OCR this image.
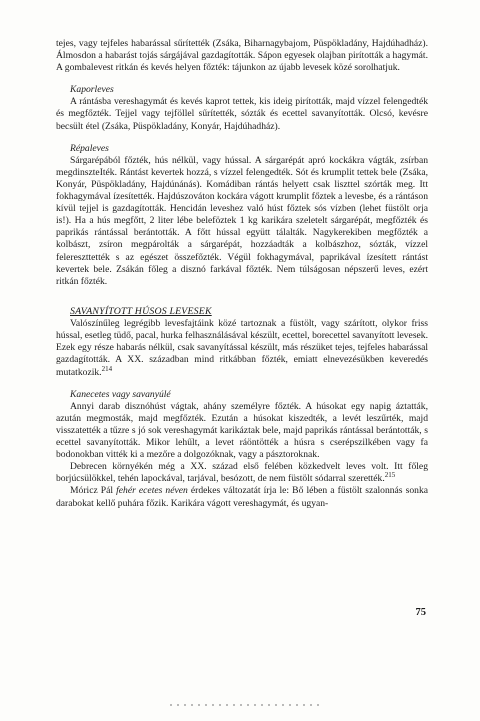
tejes, vagy tejfeles habarással sűrítették (Zsáka, Biharnagybajom, Püspökladány, Hajdúhadház). Álmosdon a habarást tojás sárgájával gazdagították. Sápon egyesek olajban pirították a hagymát. A gombalevest ritkán és kevés helyen főzték: tájunkon az újabb levesek közé sorolhatjuk.

Kaporleves

A rántásba vereshagymát és kevés kaprot tettek, kis ideig pirították, majd vízzel felengedték és megfőzték. Tejjel vagy tejföllel sűrítették, sózták és ecettel savanyították. Olcsó, kevésre becsült étel (Zsáka, Püspökladány, Konyár, Hajdúhadház).

Répaleves

Sárgarépából főzték, hús nélkül, vagy hússal. A sárgarépát apró kockákra vágták, zsírban megdinszteIték. Rántást kevertek hozzá, s vízzel felengedték. Sót és krumplit tettek bele (Zsáka, Konyár, Püspökladány, Hajdúnánás). Komádiban rántás helyett csak liszttel szórták meg. Itt fokhagymával ízesítették. Hajdúszováton kockára vágott krumplit főztek a levesbe, és a rántáson kívül tejjel is gazdagították. Hencidán leveshez való húst főztek sós vízben (lehet füstölt orja is!). Ha a hús megfőtt, 2 liter lébe beleföztek 1 kg karikára szeletelt sárgarépát, megfőzték és paprikás rántással berántották. A főtt hússal együtt tálalták. Nagykerekiben megfőzték a kolbászt, zsíron megpárolták a sárgarépát, hozzáadták a kolbászhoz, sózták, vízzel felereszttették s az egészet összefőzték. Végül fokhagymával, paprikával ízesített rántást kevertek bele. Zsákán főleg a disznó farkával főzték. Nem túlságosan népszerű leves, ezért ritkán főzték.

SAVANYÍTOTT HÚSOS LEVESEK

Valószínűleg legrégibb levesfajtáink közé tartoznak a füstölt, vagy szárított, olykor friss hússal, esetleg tüdő, pacal, hurka felhasználásával készült, ecettel, borecettel savanyított levesek. Ezek egy része habarás nélkül, csak savanyítással készült, más részüket tejes, tejfeles habarással gazdagították. A XX. században mind ritkábban főzték, emiatt elnevezésükben keveredés mutatkozik.$^{214}$

Kanecetes vagy savanyúlé

Annyi darab disznóhúst vágtak, ahány személyre főzték. A húsokat egy napig áztatták, azután megmosták, majd megfőzték. Ezután a húsokat kiszedték, a levét leszűrték, majd visszatették a tűzre s jó sok vereshagymát karikáztak bele, majd paprikás rántással berántották, s ecettel savanyították. Mikor lehűlt, a levet ráöntötték a húsra s cserépszilkében vagy fa bodonokban vitték ki a mezőre a dolgozóknak, vagy a pásztoroknak.

Debrecen környékén még a XX. század első felében közkedvelt leves volt. Itt főleg borjúcsülökkel, tehén lapockával, tarjával, besózott, de nem füstölt sódarral szerették.$^{215}$

Móricz Pál fehér ecetes néven érdekes változatát írja le: Bő lében a füstölt szalonnás sonka darabokat kellő puhára főzik. Karikára vágott vereshagymát, és ugyan-

75
